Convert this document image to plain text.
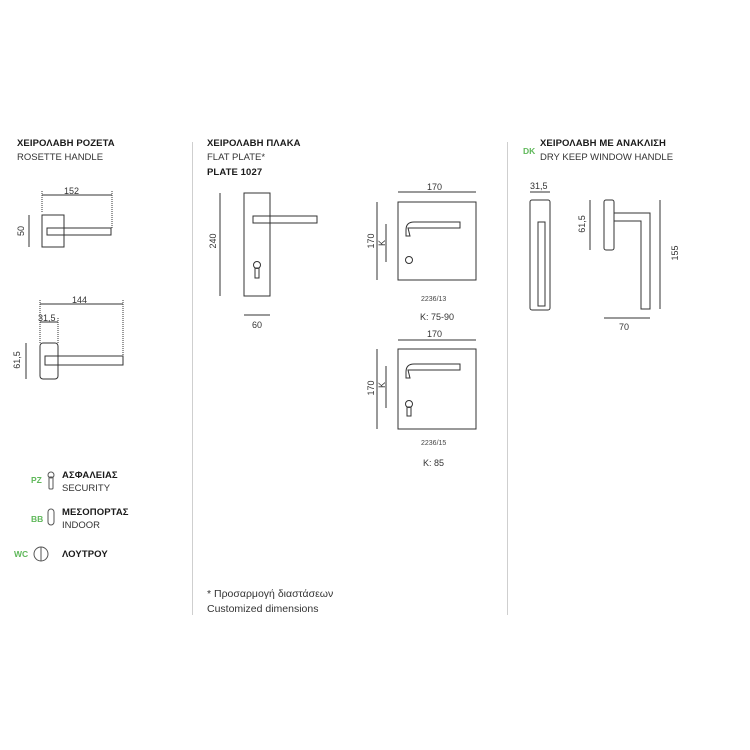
ΧΕΙΡΟΛΑΒΗ ΡΟΖΕΤΑ
ROSETTE HANDLE
ΧΕΙΡΟΛΑΒΗ ΠΛΑΚΑ
FLAT PLATE*
PLATE 1027
DK
ΧΕΙΡΟΛΑΒΗ ΜΕ ΑΝΑΚΛΙΣΗ
DRY KEEP WINDOW HANDLE
152
50
144
31,5
61,5
240
60
170
170 K
2236/13
K: 75-90
170
170 K
2236/15
K: 85
31,5
61,5
155
70
PZ ΑΣΦΑΛΕΙΑΣ
SECURITY
BB
ΜΕΣΟΠΟΡΤΑΣ
INDOOR
WC	ΛΟΥΤΡΟΥ
* Προσαρμογή διαστάσεων
Customized dimensions
